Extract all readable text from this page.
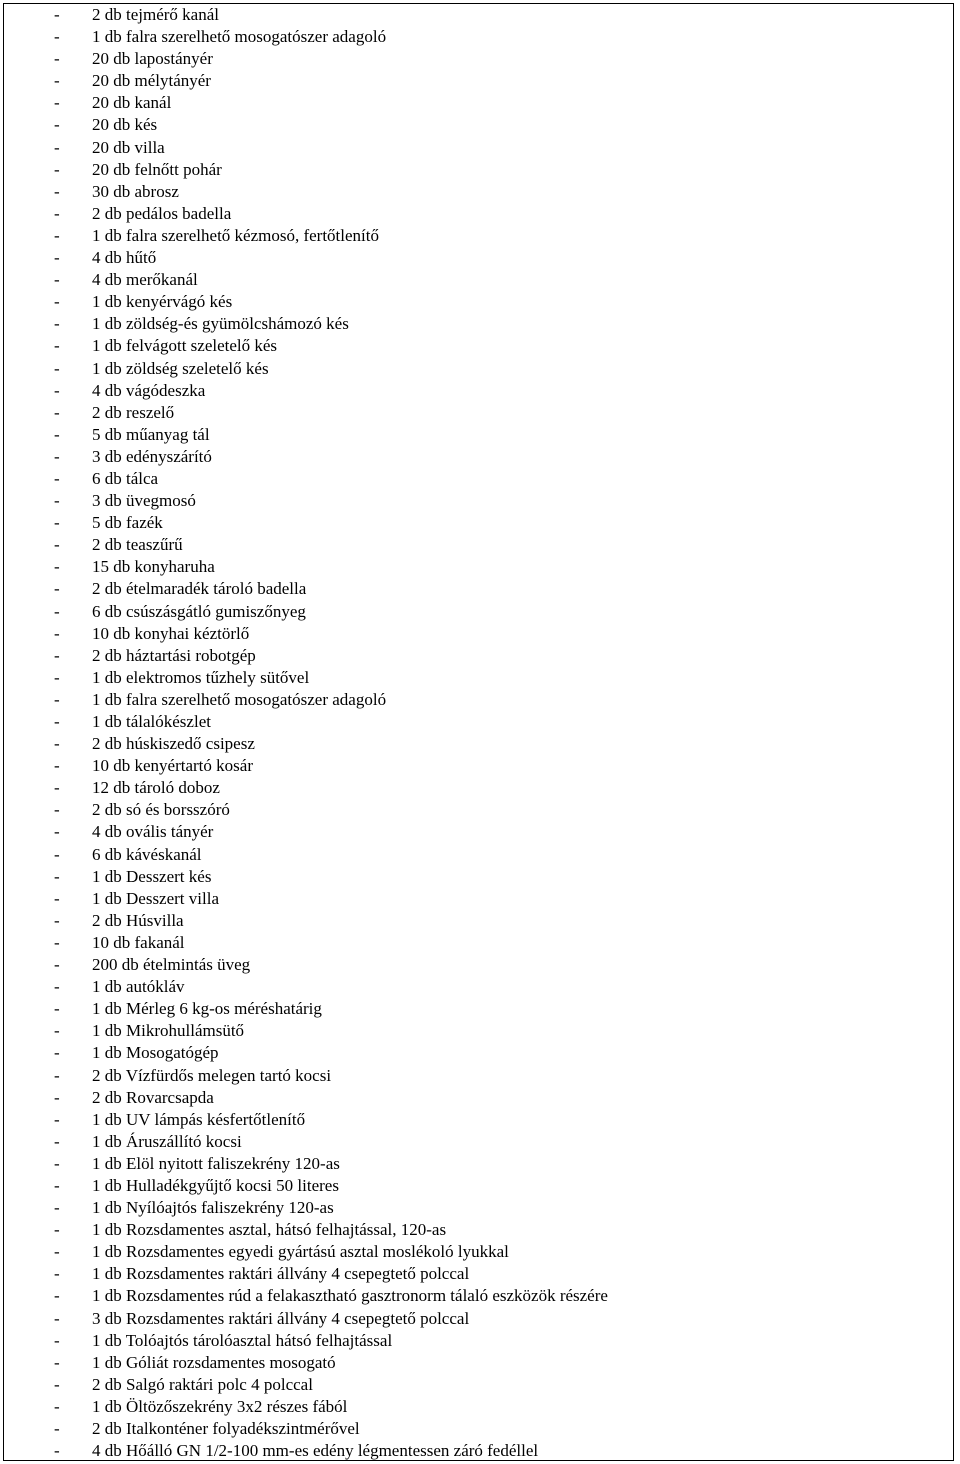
- 2 db tejmérő kanál
- 1 db falra szerelhető mosogatószer adagoló
- 20 db lapostányér
- 20 db mélytányér
- 20 db kanál
- 20 db kés
- 20 db villa
- 20 db felnőtt pohár
- 30 db abrosz
- 2 db pedálos badella
- 1 db falra szerelhető kézmosó, fertőtlenítő
- 4 db hűtő
- 4 db merőkanál
- 1 db kenyérvágó kés
- 1 db zöldség-és gyümölcshámozó kés
- 1 db felvágott szeletelő kés
- 1 db zöldség szeletelő kés
- 4 db vágódeszka
- 2 db reszelő
- 5 db műanyag tál
- 3 db edényszárító
- 6 db tálca
- 3 db üvegmosó
- 5 db fazék
- 2 db teaszűrű
- 15 db konyharuha
- 2 db ételmaradék tároló badella
- 6 db csúszásgátló gumiszőnyeg
- 10 db konyhai kéztörlő
- 2 db háztartási robotgép
- 1 db elektromos tűzhely sütővel
- 1 db falra szerelhető mosogatószer adagoló
- 1 db tálalókészlet
- 2 db húskiszedő csipesz
- 10 db kenyértartó kosár
- 12 db tároló doboz
- 2 db só és borsszóró
- 4 db ovális tányér
- 6 db kávéskanál
- 1 db Desszert kés
- 1 db Desszert villa
- 2 db Húsvilla
- 10 db fakanál
- 200 db ételmintás üveg
- 1 db autókláv
- 1 db Mérleg 6 kg-os méréshatárig
- 1 db Mikrohullámsütő
- 1 db Mosogatógép
- 2 db Vízfürdős melegen tartó kocsi
- 2 db Rovarcsapda
- 1 db UV lámpás késfertőtlenítő
- 1 db Áruszállító kocsi
- 1 db Elöl nyitott faliszekrény 120-as
- 1 db Hulladékgyűjtő kocsi 50 literes
- 1 db Nyílóajtós faliszekrény 120-as
- 1 db Rozsdamentes asztal, hátsó felhajtással, 120-as
- 1 db Rozsdamentes egyedi gyártású asztal moslékoló lyukkal
- 1 db Rozsdamentes raktári állvány 4 csepegtető polccal
- 1 db Rozsdamentes rúd a felakasztható gasztronorm tálaló eszközök részére
- 3 db Rozsdamentes raktári állvány 4 csepegtető polccal
- 1 db Tolóajtós tárolóasztal hátsó felhajtással
- 1 db Góliát rozsdamentes mosogató
- 2 db Salgó raktári polc 4 polccal
- 1 db Öltözőszekrény 3x2 részes fából
- 2 db Italkonténer folyadékszintmérővel
- 4 db Hőálló GN 1/2-100 mm-es edény légmentessen záró fedéllel
